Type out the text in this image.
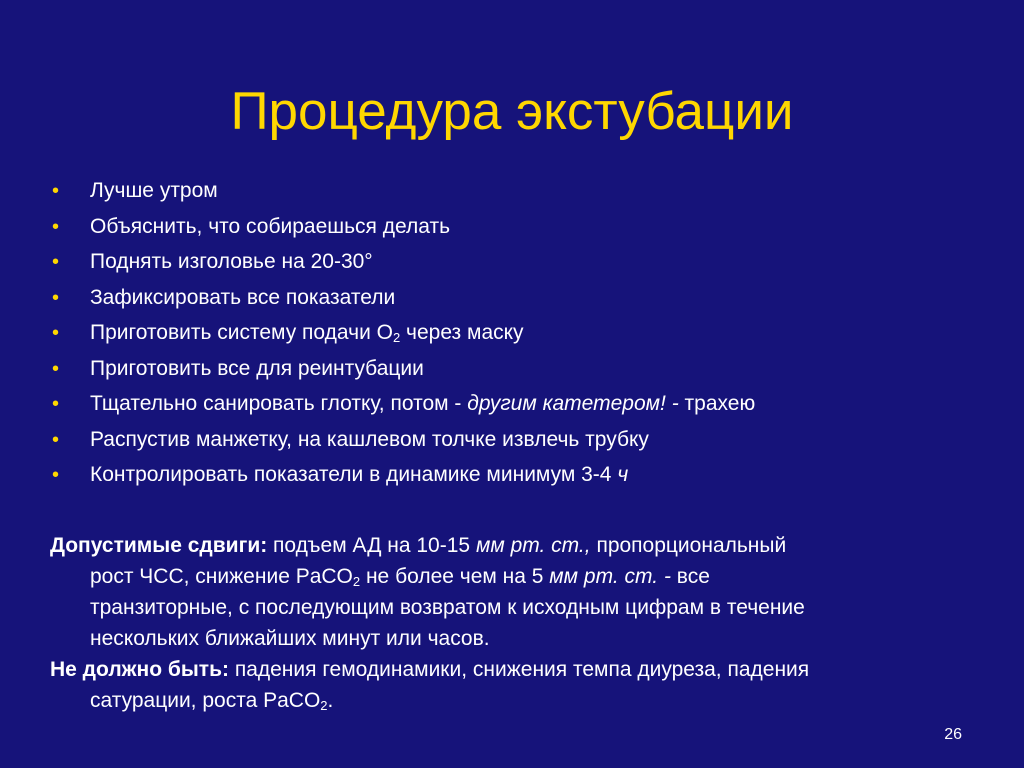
Процедура экстубации
• Лучше утром
• Объяснить, что собираешься делать
• Поднять изголовье на 20-30°
• Зафиксировать все показатели
• Приготовить систему подачи $O_2$ через маску
• Приготовить все для реинтубации
• Тщательно санировать глотку, потом - другим катетером! - трахею
• Распустив манжетку, на кашлевом толчке извлечь трубку
• Контролировать показатели в динамике минимум 3-4 ч
Допустимые сдвиги: подъем АД на 10-15 мм рт. ст., пропорциональный
рост ЧСС, снижение PaCO$_2$ не более чем на 5 мм рт. ст. - все
транзиторные, с последующим возвратом к исходным цифрам в течение
нескольких ближайших минут или часов.
Не должно быть: падения гемодинамики, снижения темпа диуреза, падения
сатурации, роста PaCO$_2$.
26
